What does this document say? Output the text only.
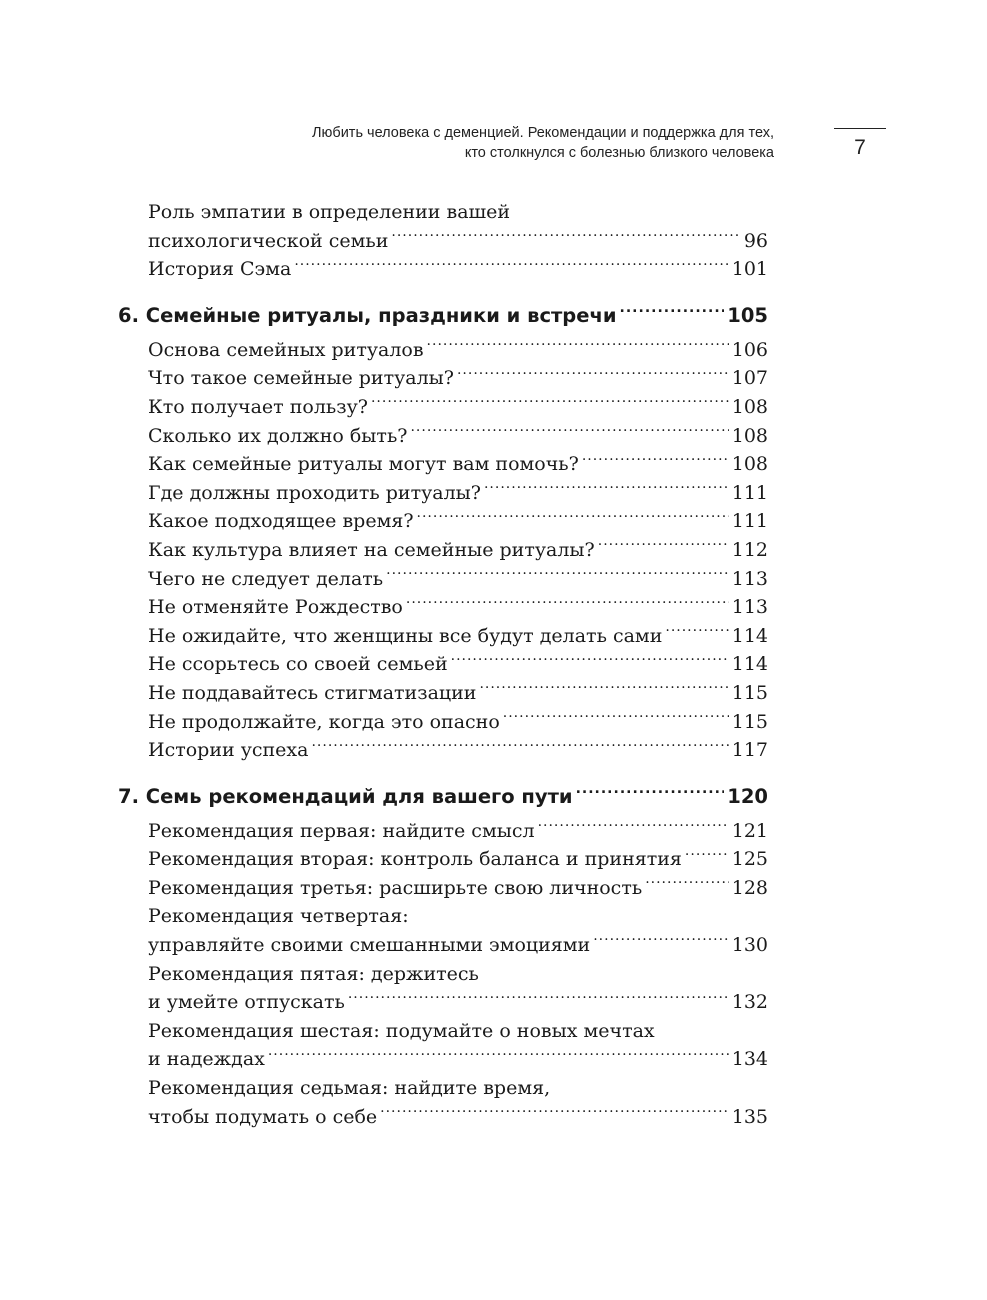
Любить человека с деменцией. Рекомендации и поддержка для тех,
кто столкнулся с болезнью близкого человека	7
Роль эмпатии в определении вашей
психологической семьи .....	96
История Сэма .....	101
6. Семейные ритуалы, праздники и встречи .....	105
Основа семейных ритуалов .....	106
Что такое семейные ритуалы? .....	107
Кто получает пользу? .....	108
Сколько их должно быть? .....	108
Как семейные ритуалы могут вам помочь? .....	108
Где должны проходить ритуалы? .....	111
Какое подходящее время? .....	111
Как культура влияет на семейные ритуалы? .....	112
Чего не следует делать .....	113
Не отменяйте Рождество .....	113
Не ожидайте, что женщины все будут делать сами .....	114
Не ссорьтесь со своей семьей .....	114
Не поддавайтесь стигматизации .....	115
Не продолжайте, когда это опасно .....	115
Истории успеха .....	117
7. Семь рекомендаций для вашего пути .....	120
Рекомендация первая: найдите смысл .....	121
Рекомендация вторая: контроль баланса и принятия .....	125
Рекомендация третья: расширьте свою личность .....	128
Рекомендация четвертая:
управляйте своими смешанными эмоциями .....	130
Рекомендация пятая: держитесь
и умейте отпускать .....	132
Рекомендация шестая: подумайте о новых мечтах
и надеждах .....	134
Рекомендация седьмая: найдите время,
чтобы подумать о себе .....	135
